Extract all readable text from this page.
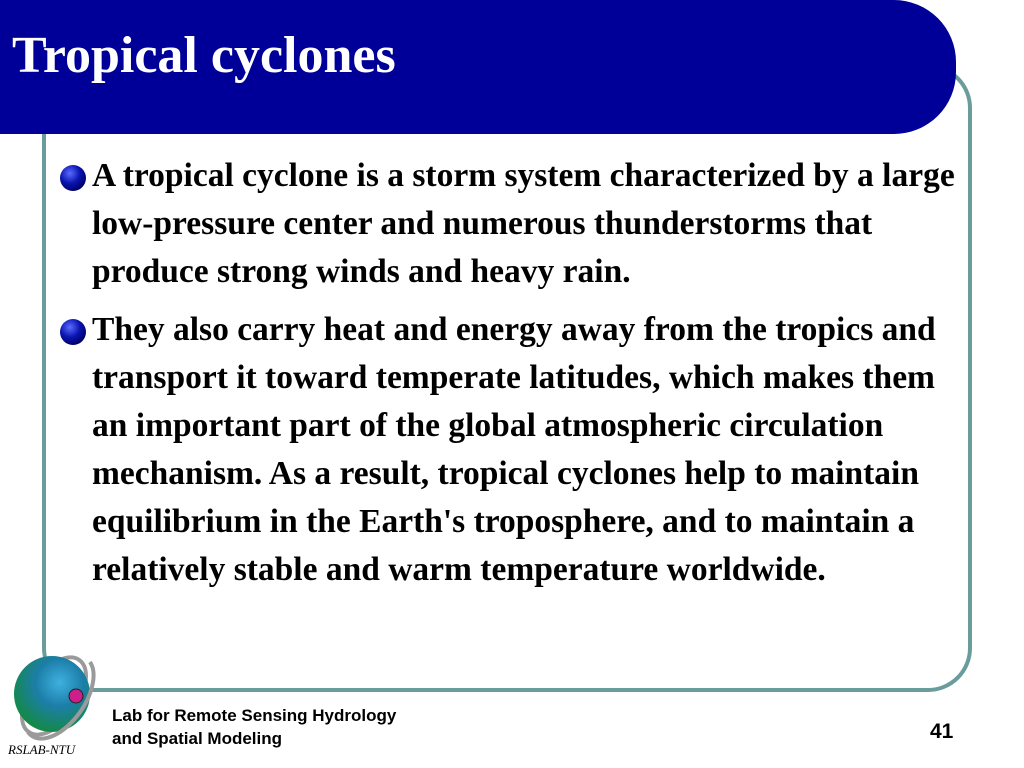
Tropical cyclones
A tropical cyclone is a storm system characterized by a large low-pressure center and numerous thunderstorms that produce strong winds and heavy rain.
They also carry heat and energy away from the tropics and transport it toward temperate latitudes, which makes them an important part of the global atmospheric circulation mechanism. As a result, tropical cyclones help to maintain equilibrium in the Earth's troposphere, and to maintain a relatively stable and warm temperature worldwide.
RSLAB-NTU
Lab for Remote Sensing Hydrology
and Spatial Modeling	41
